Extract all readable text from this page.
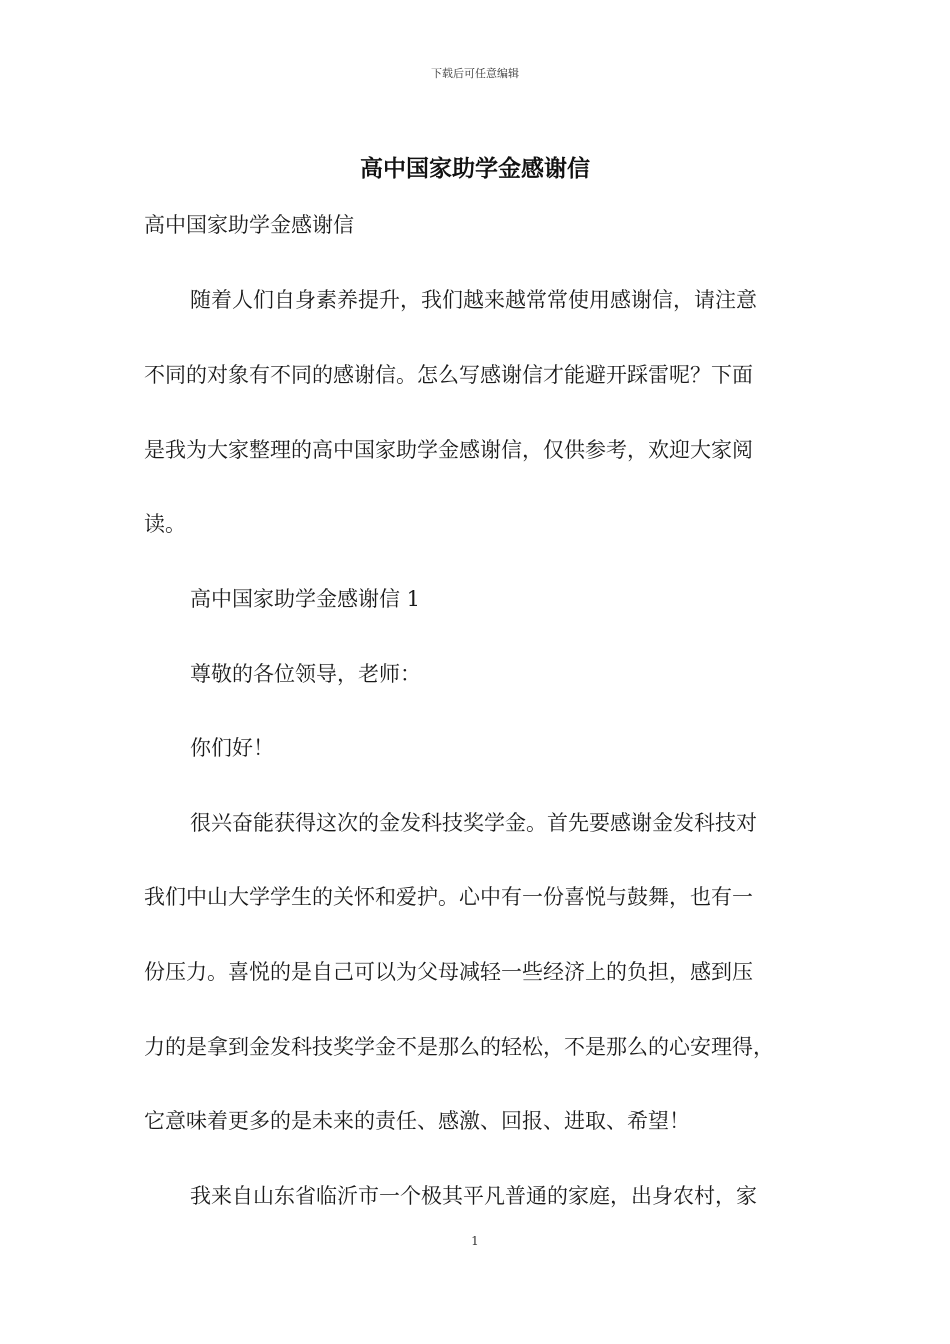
下载后可任意编辑
高中国家助学金感谢信
高中国家助学金感谢信
随着人们自身素养提升，我们越来越常常使用感谢信，请注意
不同的对象有不同的感谢信。怎么写感谢信才能避开踩雷呢？下面
是我为大家整理的高中国家助学金感谢信，仅供参考，欢迎大家阅
读。
高中国家助学金感谢信 1
尊敬的各位领导，老师：
你们好！
很兴奋能获得这次的金发科技奖学金。首先要感谢金发科技对
我们中山大学学生的关怀和爱护。心中有一份喜悦与鼓舞，也有一
份压力。喜悦的是自己可以为父母减轻一些经济上的负担，感到压
力的是拿到金发科技奖学金不是那么的轻松，不是那么的心安理得，
它意味着更多的是未来的责任、感激、回报、进取、希望！
我来自山东省临沂市一个极其平凡普通的家庭，出身农村，家
1
